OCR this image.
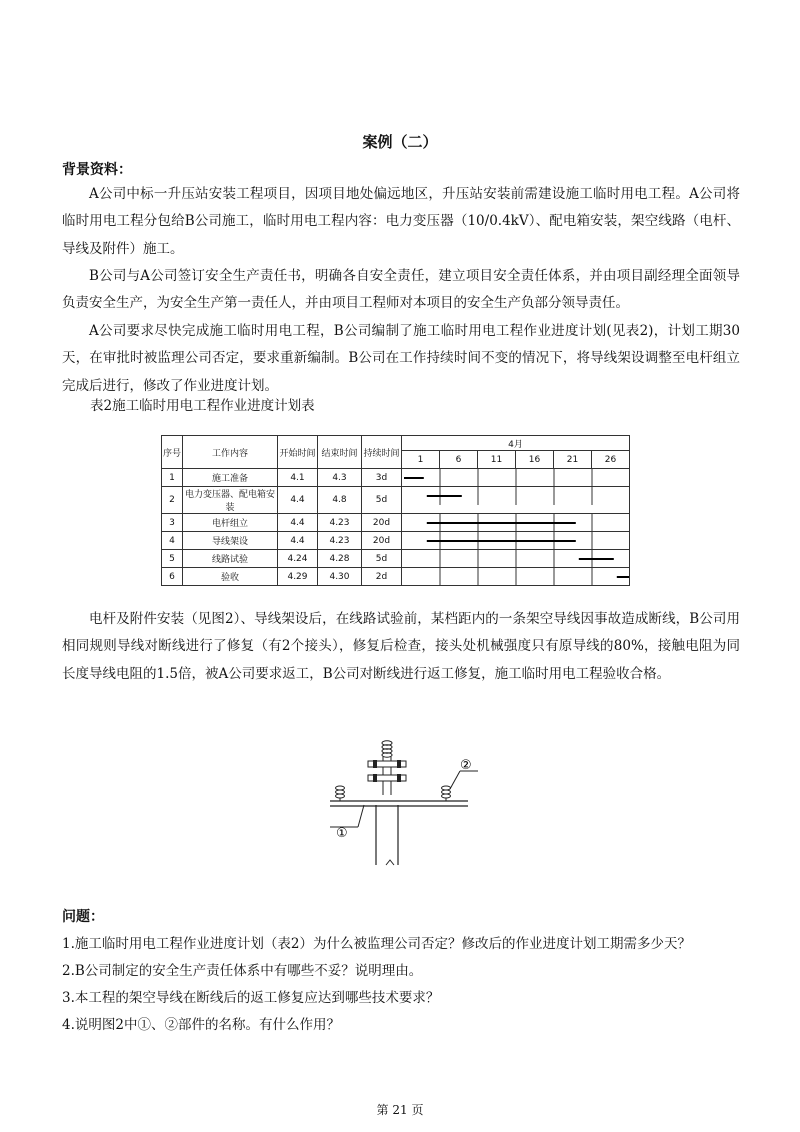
案例（二）
背景资料：

A公司中标一升压站安装工程项目，因项目地处偏远地区，升压站安装前需建设施工临时用电工程。A公司将临时用电工程分包给B公司施工，临时用电工程内容：电力变压器（10/0.4kV）、配电箱安装，架空线路（电杆、导线及附件）施工。

B公司与A公司签订安全生产责任书，明确各自安全责任，建立项目安全责任体系，并由项目副经理全面领导负责安全生产，为安全生产第一责任人，并由项目工程师对本项目的安全生产负部分领导责任。

A公司要求尽快完成施工临时用电工程，B公司编制了施工临时用电工程作业进度计划(见表2)，计划工期30天，在审批时被监理公司否定，要求重新编制。B公司在工作持续时间不变的情况下，将导线架设调整至电杆组立完成后进行，修改了作业进度计划。

表2施工临时用电工程作业进度计划表
序号	工作内容	开始时间	结束时间	持续时间	4月					
					1	6	11	16	21	26
1	施工准备	4.1	4.3	3d	

2	电力变压器、配电箱安装	4.4	4.8	5d	

3	电杆组立	4.4	4.23	20d	

4	导线架设	4.4	4.23	20d	

5	线路试验	4.24	4.28	5d	

6	验收	4.29	4.30	2d	

电杆及附件安装（见图2）、导线架设后，在线路试验前，某档距内的一条架空导线因事故造成断线，B公司用相同规则导线对断线进行了修复（有2个接头），修复后检查，接头处机械强度只有原导线的80%，接触电阻为同长度导线电阻的1.5倍，被A公司要求返工，B公司对断线进行返工修复，施工临时用电工程验收合格。

②
①
问题：

1.施工临时用电工程作业进度计划（表2）为什么被监理公司否定？修改后的作业进度计划工期需多少天？

2.B公司制定的安全生产责任体系中有哪些不妥？说明理由。

3.本工程的架空导线在断线后的返工修复应达到哪些技术要求？

4.说明图2中①、②部件的名称。有什么作用？

第 21 页
